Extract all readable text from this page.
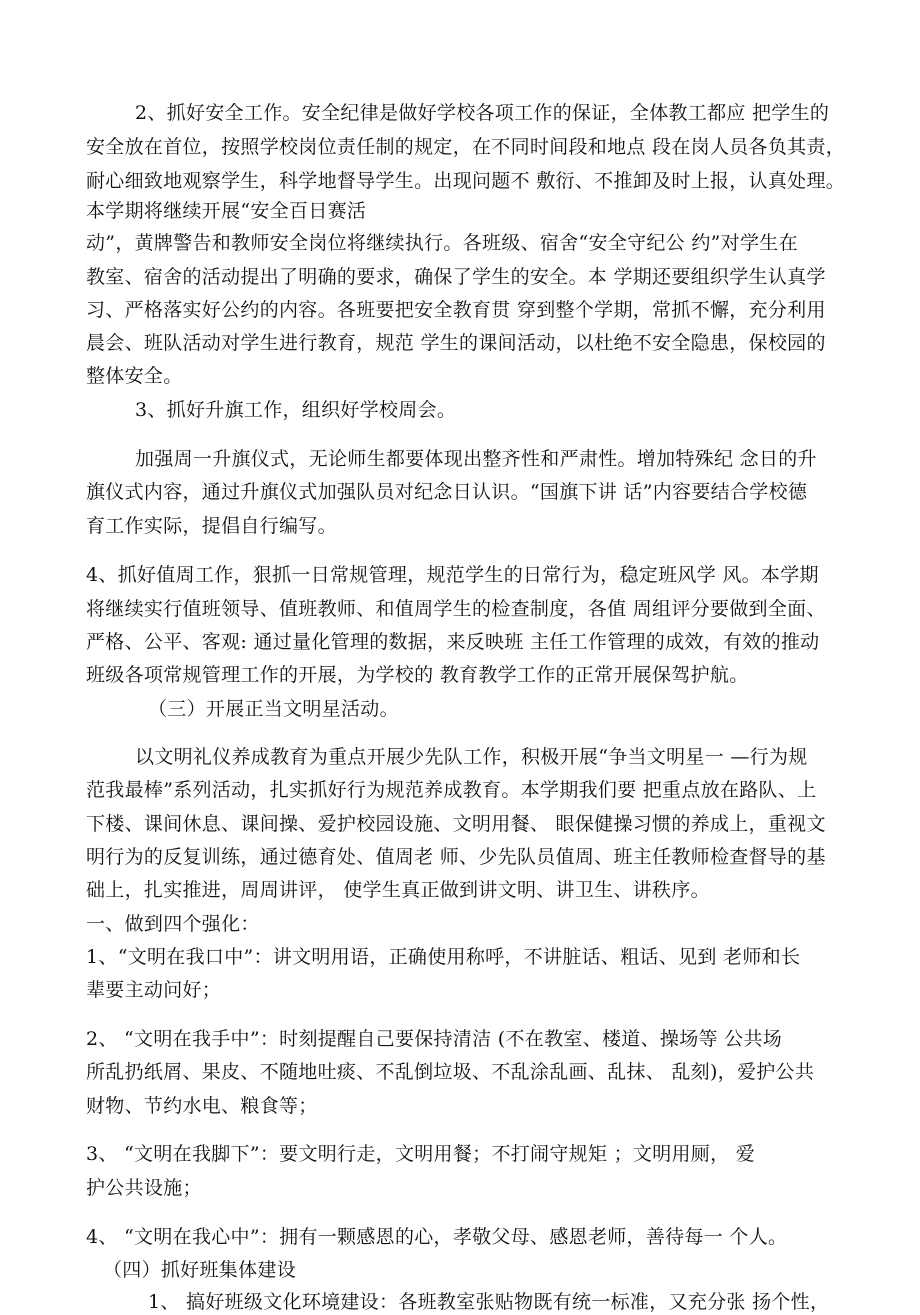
2、抓好安全工作。安全纪律是做好学校各项工作的保证，全体教工都应 把学生的
安全放在首位，按照学校岗位责任制的规定，在不同时间段和地点 段在岗人员各负其责，
耐心细致地观察学生，科学地督导学生。出现问题不 敷衍、不推卸及时上报，认真处理。
本学期将继续开展“安全百日赛活
动”，黄牌警告和教师安全岗位将继续执行。各班级、宿舍“安全守纪公 约”对学生在
教室、宿舍的活动提出了明确的要求，确保了学生的安全。本 学期还要组织学生认真学
习、严格落实好公约的内容。各班要把安全教育贯 穿到整个学期，常抓不懈，充分利用
晨会、班队活动对学生进行教育，规范 学生的课间活动，以杜绝不安全隐患，保校园的
整体安全。
3、抓好升旗工作，组织好学校周会。
加强周一升旗仪式，无论师生都要体现出整齐性和严肃性。增加特殊纪 念日的升
旗仪式内容，通过升旗仪式加强队员对纪念日认识。“国旗下讲 话”内容要结合学校德
育工作实际，提倡自行编写。
4、抓好值周工作，狠抓一日常规管理，规范学生的日常行为，稳定班风学 风。本学期
将继续实行值班领导、值班教师、和值周学生的检查制度，各值 周组评分要做到全面、
严格、公平、客观: 通过量化管理的数据，来反映班 主任工作管理的成效，有效的推动
班级各项常规管理工作的开展，为学校的 教育教学工作的正常开展保驾护航。
（三）开展正当文明星活动。
以文明礼仪养成教育为重点开展少先队工作，积极开展“争当文明星一 —行为规
范我最棒”系列活动，扎实抓好行为规范养成教育。本学期我们要 把重点放在路队、上
下楼、课间休息、课间操、爱护校园设施、文明用餐、 眼保健操习惯的养成上，重视文
明行为的反复训练，通过德育处、值周老 师、少先队员值周、班主任教师检查督导的基
础上，扎实推进，周周讲评， 使学生真正做到讲文明、讲卫生、讲秩序。
一、做到四个强化：
1、“文明在我口中”：讲文明用语，正确使用称呼，不讲脏话、粗话、见到 老师和长
辈要主动问好；
2、 “文明在我手中”：时刻提醒自己要保持清洁 (不在教室、楼道、操场等 公共场
所乱扔纸屑、果皮、不随地吐痰、不乱倒垃圾、不乱涂乱画、乱抹、 乱刻)，爱护公共
财物、节约水电、粮食等；
3、 “文明在我脚下”：要文明行走，文明用餐；不打闹守规矩 ；文明用厕， 爱
护公共设施；
4、 “文明在我心中”：拥有一颗感恩的心，孝敬父母、感恩老师，善待每一 个人。
（四）抓好班集体建设
1、 搞好班级文化环境建设：各班教室张贴物既有统一标准，又充分张 扬个性，
